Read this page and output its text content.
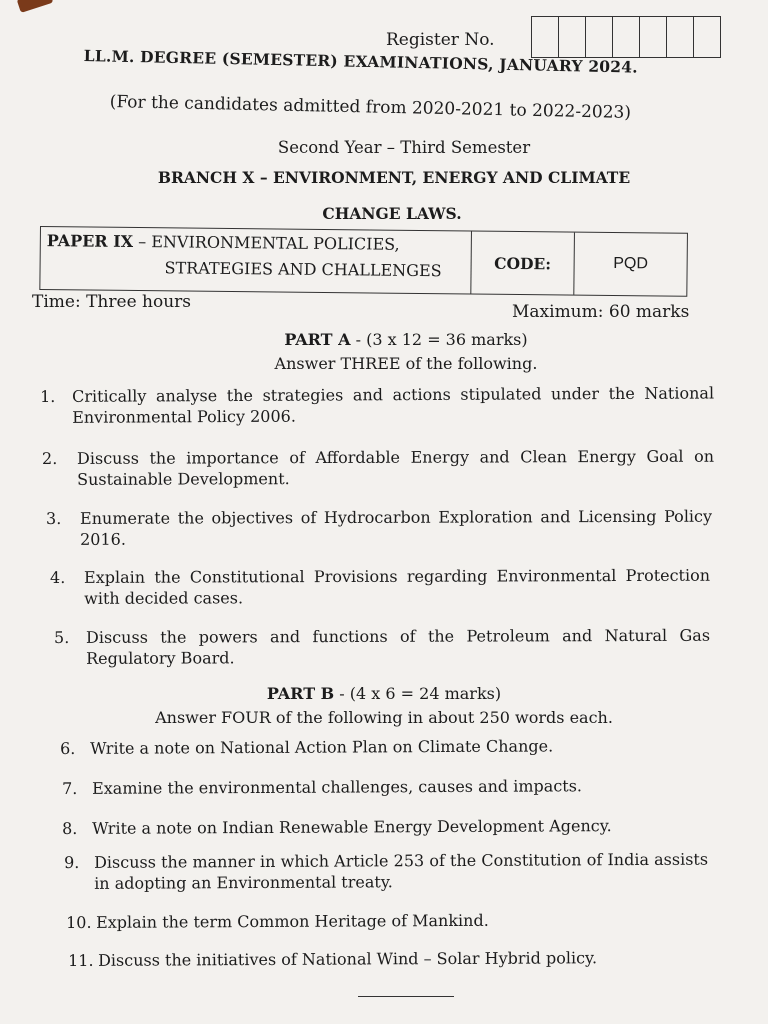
Register No.
LL.M. DEGREE (SEMESTER) EXAMINATIONS, JANUARY 2024.
(For the candidates admitted from 2020-2021 to 2022-2023)
Second Year – Third Semester
BRANCH X – ENVIRONMENT, ENERGY AND CLIMATE
CHANGE LAWS.
PAPER IX – ENVIRONMENTAL POLICIES,
STRATEGIES AND CHALLENGES	CODE:	PQD
Time: Three hours	Maximum: 60 marks
PART A - (3 x 12 = 36 marks)
Answer THREE of the following.
1.	Critically analyse the strategies and actions stipulated under the National Environmental Policy 2006.
2.	Discuss the importance of Affordable Energy and Clean Energy Goal on Sustainable Development.
3.	Enumerate the objectives of Hydrocarbon Exploration and Licensing Policy 2016.
4.	Explain the Constitutional Provisions regarding Environmental Protection with decided cases.
5.	Discuss the powers and functions of the Petroleum and Natural Gas Regulatory Board.
PART B - (4 x 6 = 24 marks)
Answer FOUR of the following in about 250 words each.
6. Write a note on National Action Plan on Climate Change.
7. Examine the environmental challenges, causes and impacts.
8. Write a note on Indian Renewable Energy Development Agency.
9. Discuss the manner in which Article 253 of the Constitution of India assists in adopting an Environmental treaty.
10. Explain the term Common Heritage of Mankind.
11. Discuss the initiatives of National Wind – Solar Hybrid policy.
